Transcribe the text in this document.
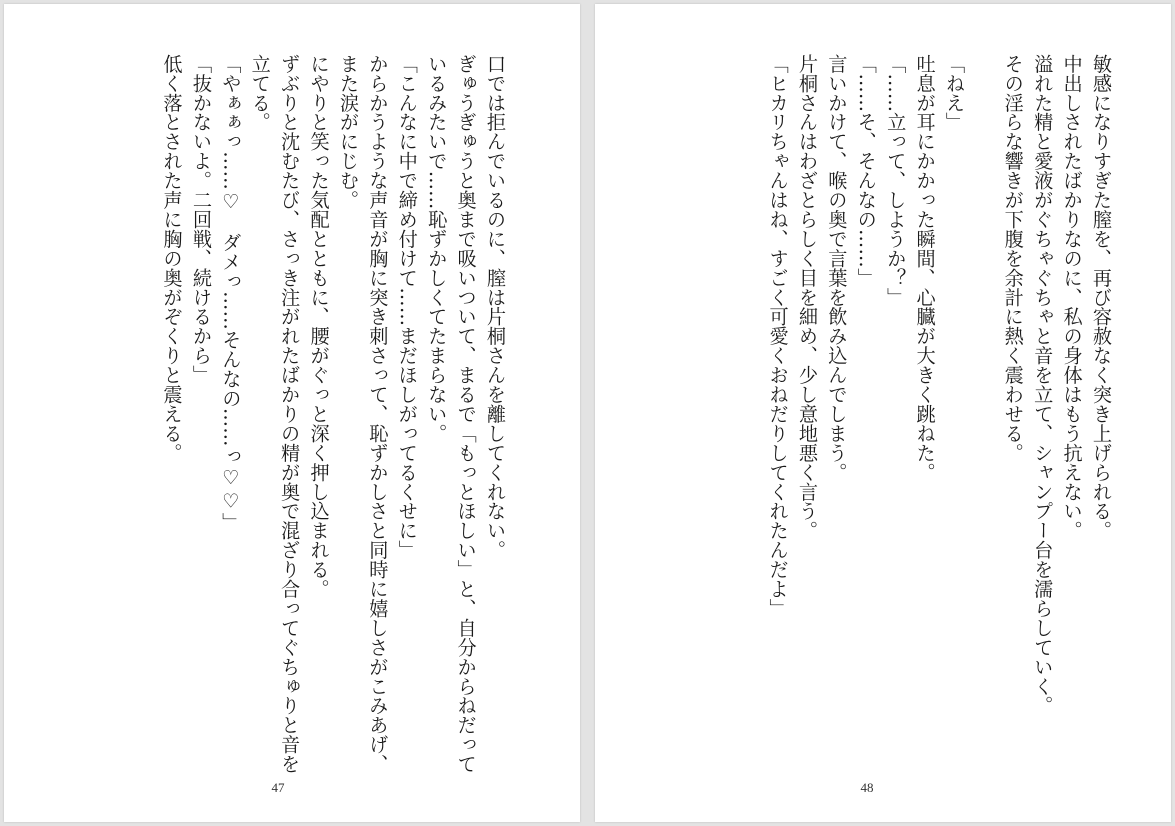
口では拒んでいるのに、膣は片桐さんを離してくれない。
ぎゅうぎゅうと奥まで吸いついて、まるで「もっとほしい」と、自分からねだって
いるみたいで……恥ずかしくてたまらない。
「こんなに中で締め付けて……まだほしがってるくせに」
からかうような声音が胸に突き刺さって、恥ずかしさと同時に嬉しさがこみあげ、
また涙がにじむ。
にやりと笑った気配とともに、腰がぐっと深く押し込まれる。
ずぶりと沈むたび、さっき注がれたばかりの精が奥で混ざり合ってぐちゅりと音を
立てる。
「やぁぁっ……♡　ダメっ……そんなの……っ♡♡」
「抜かないよ。二回戦、続けるから」
低く落とされた声に胸の奥がぞくりと震える。
47
敏感になりすぎた膣を、再び容赦なく突き上げられる。
中出しされたばかりなのに、私の身体はもう抗えない。
溢れた精と愛液がぐちゃぐちゃと音を立て、シャンプー台を濡らしていく。
その淫らな響きが下腹を余計に熱く震わせる。
「ねえ」
吐息が耳にかかった瞬間、心臓が大きく跳ねた。
「……立って、しようか？」
「……そ、そんなの……」
言いかけて、喉の奥で言葉を飲み込んでしまう。
片桐さんはわざとらしく目を細め、少し意地悪く言う。
「ヒカリちゃんはね、すごく可愛くおねだりしてくれたんだよ」
48
